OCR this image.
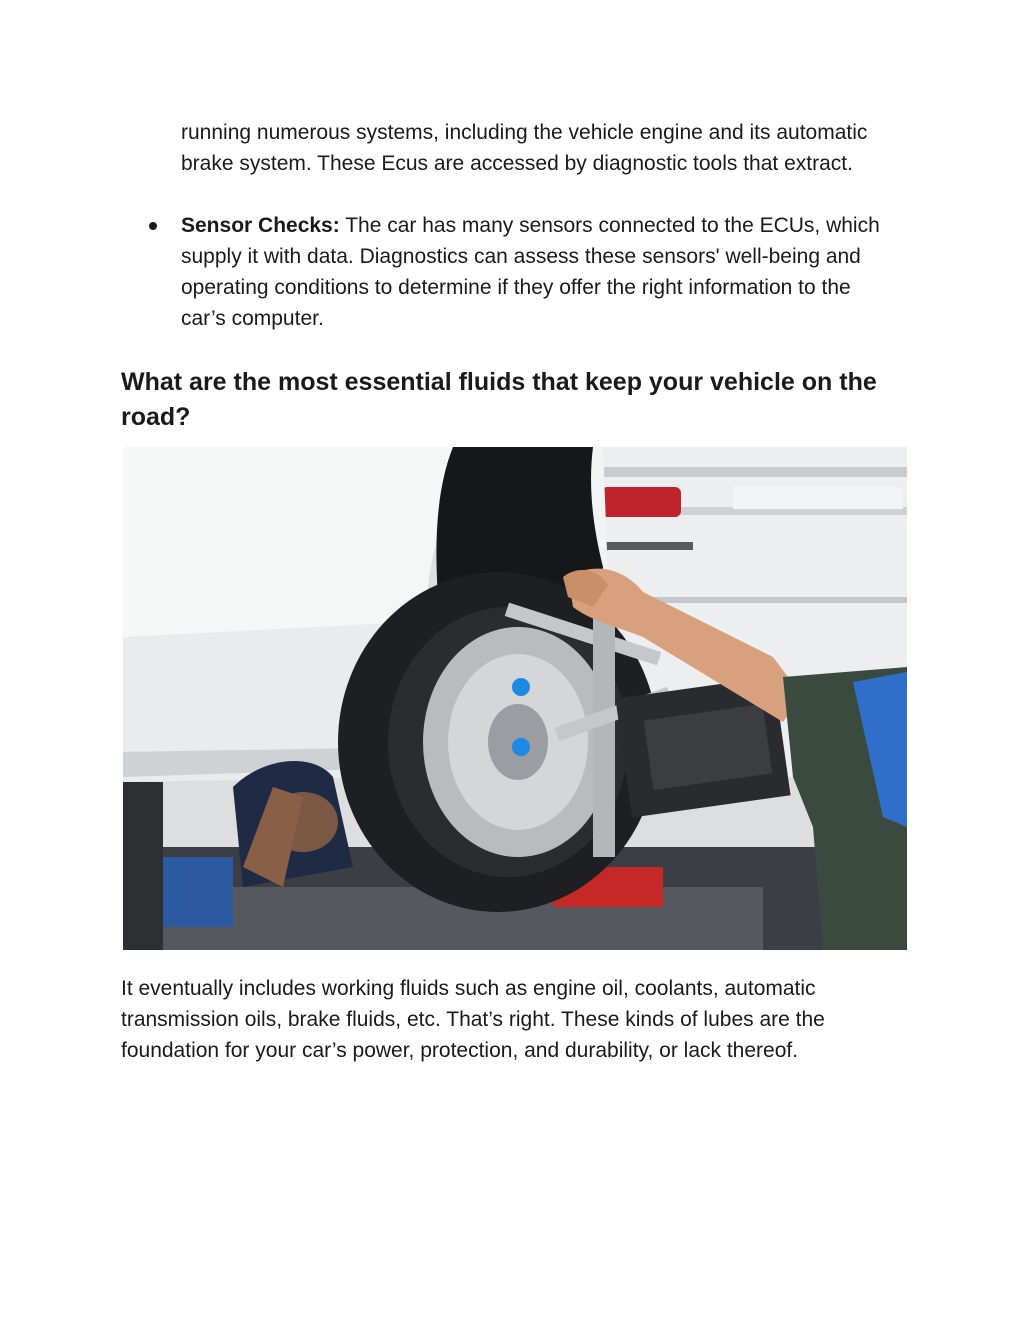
running numerous systems, including the vehicle engine and its automatic brake system. These Ecus are accessed by diagnostic tools that extract.

Sensor Checks: The car has many sensors connected to the ECUs, which supply it with data. Diagnostics can assess these sensors' well-being and operating conditions to determine if they offer the right information to the car’s computer.

What are the most essential fluids that keep your vehicle on the road?

It eventually includes working fluids such as engine oil, coolants, automatic transmission oils, brake fluids, etc. That’s right. These kinds of lubes are the foundation for your car’s power, protection, and durability, or lack thereof.
